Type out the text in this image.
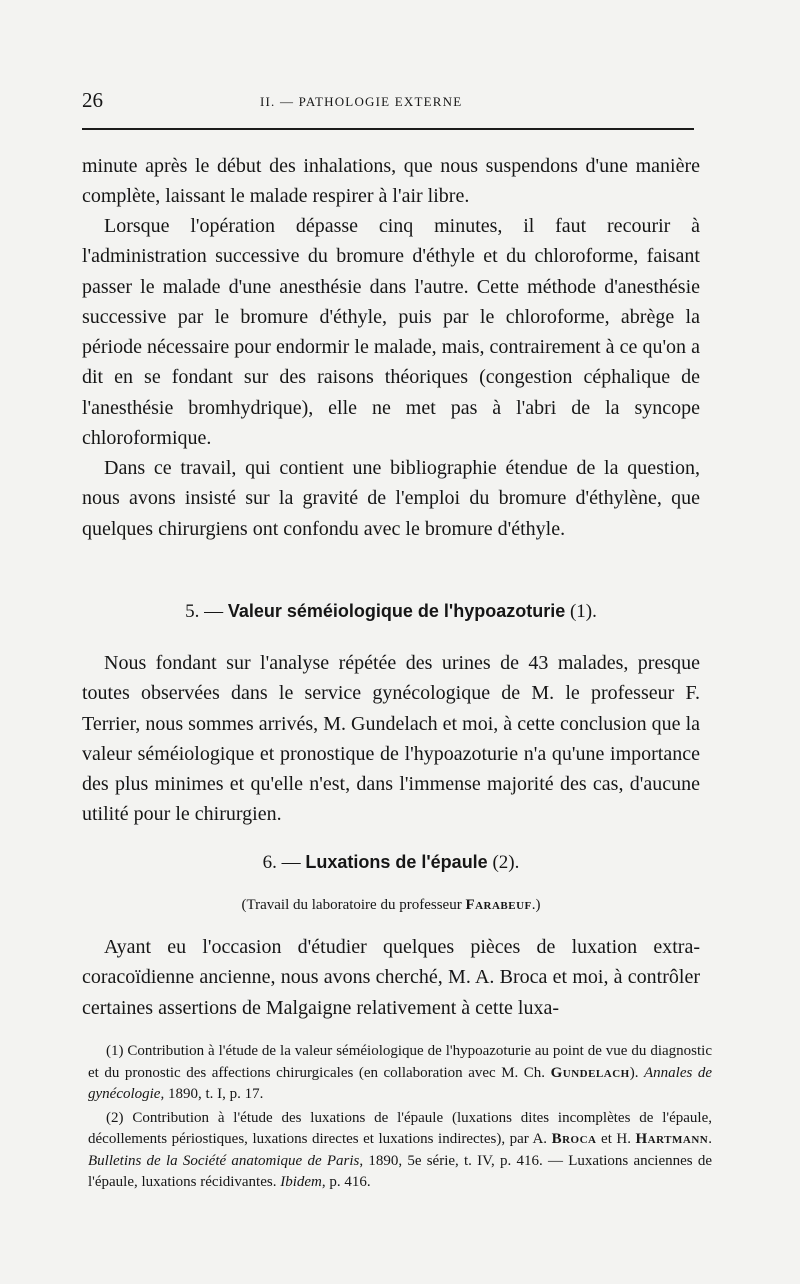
26	II. — PATHOLOGIE EXTERNE

minute après le début des inhalations, que nous suspendons d'une manière complète, laissant le malade respirer à l'air libre.

Lorsque l'opération dépasse cinq minutes, il faut recourir à l'administration successive du bromure d'éthyle et du chloroforme, faisant passer le malade d'une anesthésie dans l'autre. Cette méthode d'anesthésie successive par le bromure d'éthyle, puis par le chloroforme, abrège la période nécessaire pour endormir le malade, mais, contrairement à ce qu'on a dit en se fondant sur des raisons théoriques (congestion céphalique de l'anesthésie bromhydrique), elle ne met pas à l'abri de la syncope chloroformique.

Dans ce travail, qui contient une bibliographie étendue de la question, nous avons insisté sur la gravité de l'emploi du bromure d'éthylène, que quelques chirurgiens ont confondu avec le bromure d'éthyle.

5. — Valeur séméiologique de l'hypoazoturie (1).

Nous fondant sur l'analyse répétée des urines de 43 malades, presque toutes observées dans le service gynécologique de M. le professeur F. Terrier, nous sommes arrivés, M. Gundelach et moi, à cette conclusion que la valeur séméiologique et pronostique de l'hypoazoturie n'a qu'une importance des plus minimes et qu'elle n'est, dans l'immense majorité des cas, d'aucune utilité pour le chirurgien.

6. — Luxations de l'épaule (2).
(Travail du laboratoire du professeur Farabeuf.)

Ayant eu l'occasion d'étudier quelques pièces de luxation extra-coracoïdienne ancienne, nous avons cherché, M. A. Broca et moi, à contrôler certaines assertions de Malgaigne relativement à cette luxa-

(1) Contribution à l'étude de la valeur séméiologique de l'hypoazoturie au point de vue du diagnostic et du pronostic des affections chirurgicales (en collaboration avec M. Ch. Gundelach). Annales de gynécologie, 1890, t. I, p. 17.

(2) Contribution à l'étude des luxations de l'épaule (luxations dites incomplètes de l'épaule, décollements périostiques, luxations directes et luxations indirectes), par A. Broca et H. Hartmann. Bulletins de la Société anatomique de Paris, 1890, 5e série, t. IV, p. 416. — Luxations anciennes de l'épaule, luxations récidivantes. Ibidem, p. 416.
